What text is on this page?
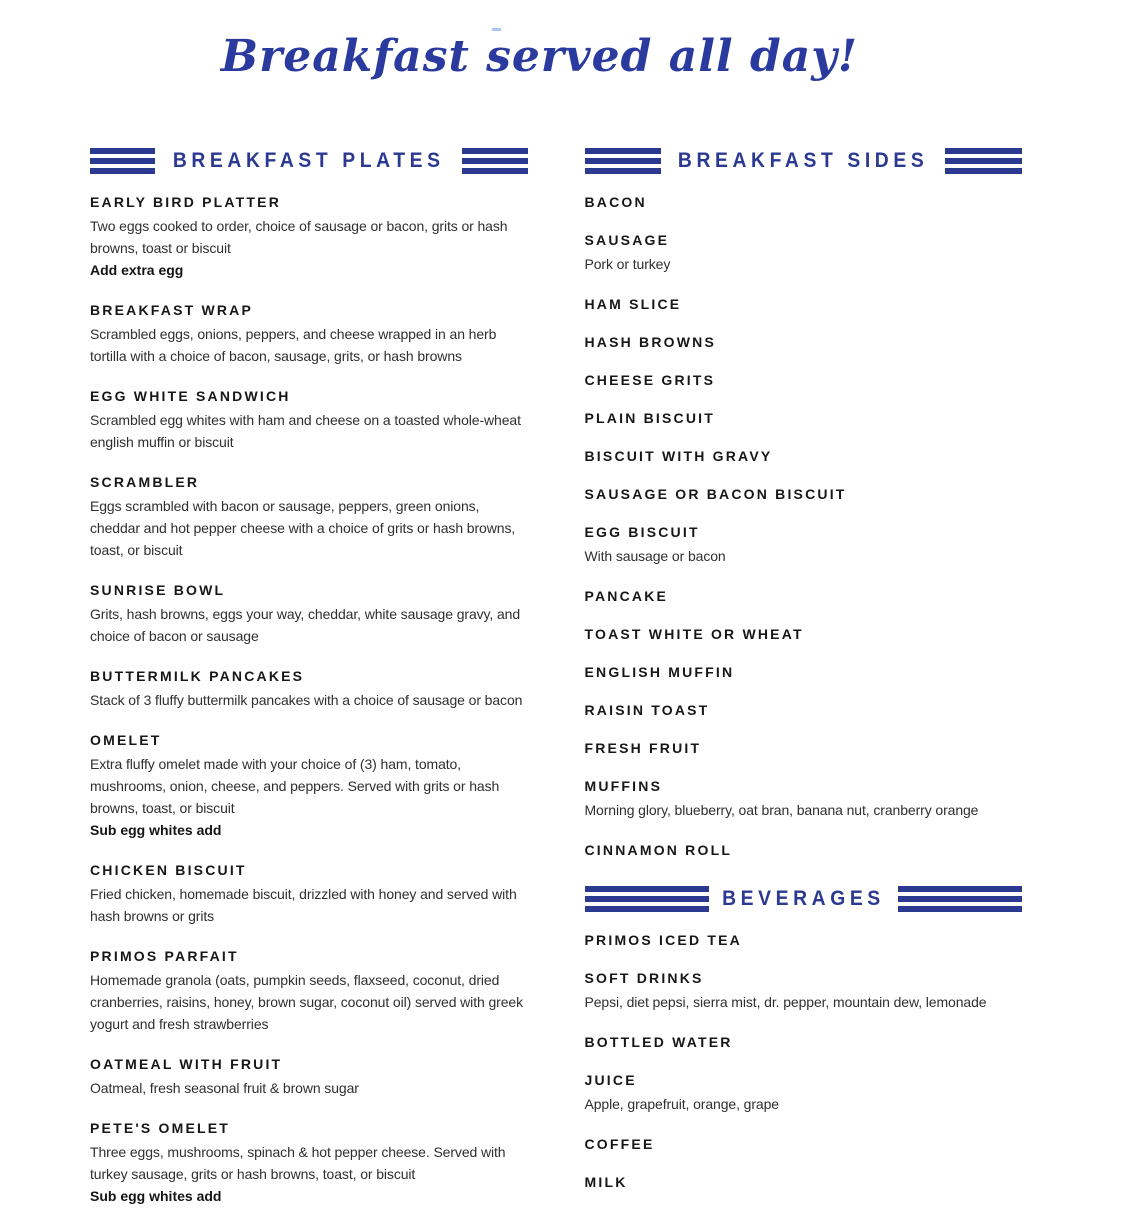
Breakfast served all day!
BREAKFAST PLATES
EARLY BIRD PLATTER

Two eggs cooked to order, choice of sausage or bacon, grits or hash browns, toast or biscuit

Add extra egg

BREAKFAST WRAP

Scrambled eggs, onions, peppers, and cheese wrapped in an herb tortilla with a choice of bacon, sausage, grits, or hash browns

EGG WHITE SANDWICH

Scrambled egg whites with ham and cheese on a toasted whole-wheat english muffin or biscuit

SCRAMBLER

Eggs scrambled with bacon or sausage, peppers, green onions, cheddar and hot pepper cheese with a choice of grits or hash browns, toast, or biscuit

SUNRISE BOWL

Grits, hash browns, eggs your way, cheddar, white sausage gravy, and choice of bacon or sausage

BUTTERMILK PANCAKES

Stack of 3 fluffy buttermilk pancakes with a choice of sausage or bacon

OMELET

Extra fluffy omelet made with your choice of (3) ham, tomato, mushrooms, onion, cheese, and peppers. Served with grits or hash browns, toast, or biscuit

Sub egg whites add

CHICKEN BISCUIT

Fried chicken, homemade biscuit, drizzled with honey and served with hash browns or grits

PRIMOS PARFAIT

Homemade granola (oats, pumpkin seeds, flaxseed, coconut, dried cranberries, raisins, honey, brown sugar, coconut oil) served with greek yogurt and fresh strawberries

OATMEAL WITH FRUIT

Oatmeal, fresh seasonal fruit & brown sugar

PETE'S OMELET

Three eggs, mushrooms, spinach & hot pepper cheese. Served with turkey sausage, grits or hash browns, toast, or biscuit

Sub egg whites add

BREAKFAST SIDES
BACON
SAUSAGE

Pork or turkey

HAM SLICE
HASH BROWNS
CHEESE GRITS
PLAIN BISCUIT
BISCUIT WITH GRAVY
SAUSAGE OR BACON BISCUIT
EGG BISCUIT

With sausage or bacon

PANCAKE
TOAST WHITE OR WHEAT
ENGLISH MUFFIN
RAISIN TOAST
FRESH FRUIT
MUFFINS

Morning glory, blueberry, oat bran, banana nut, cranberry orange

CINNAMON ROLL
BEVERAGES
PRIMOS ICED TEA
SOFT DRINKS

Pepsi, diet pepsi, sierra mist, dr. pepper, mountain dew, lemonade

BOTTLED WATER
JUICE

Apple, grapefruit, orange, grape

COFFEE
MILK
